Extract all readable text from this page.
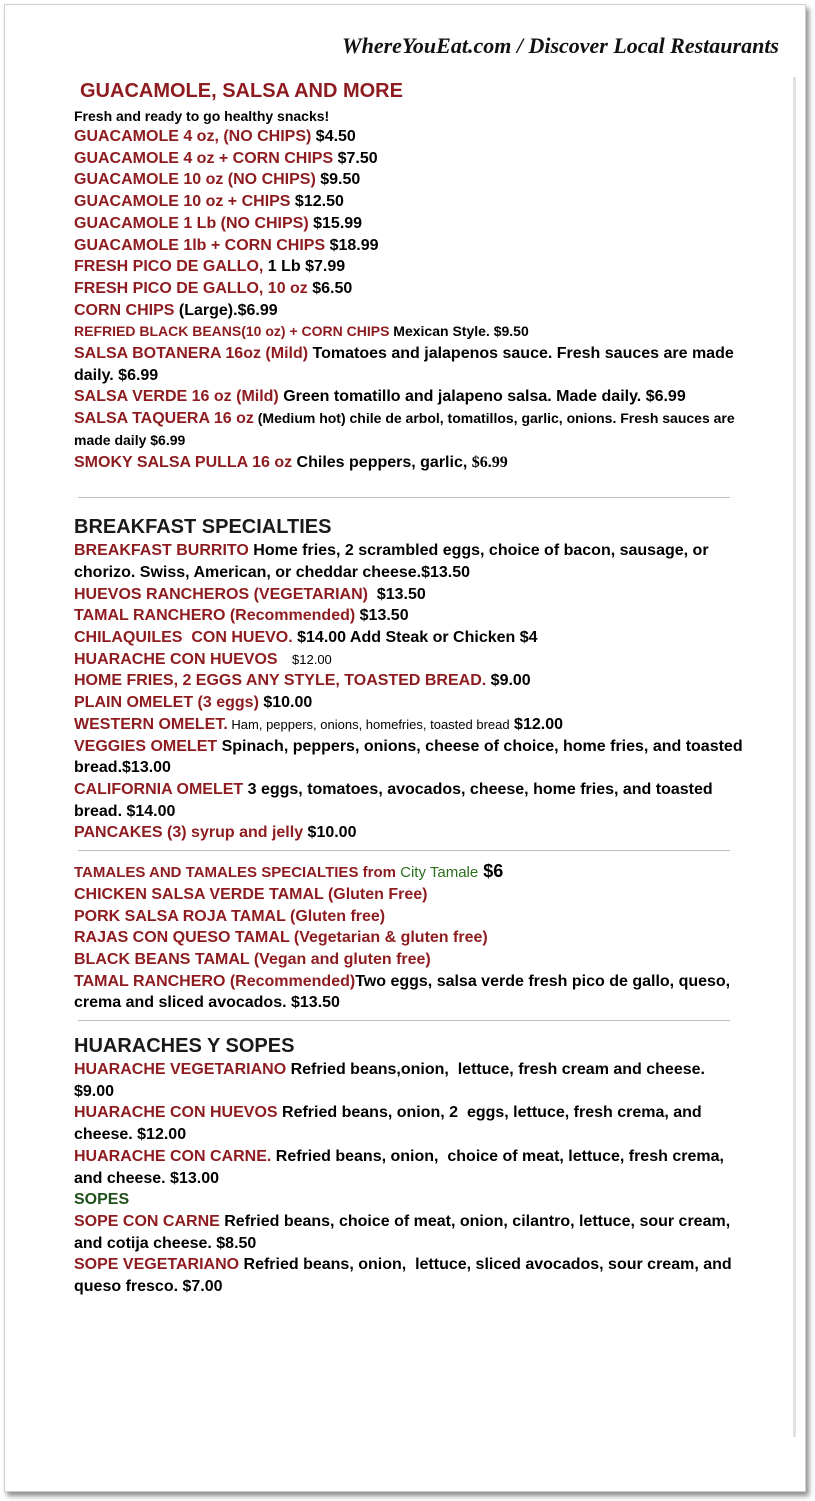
WhereYouEat.com / Discover Local Restaurants
GUACAMOLE, SALSA AND MORE

Fresh and ready to go healthy snacks!

GUACAMOLE 4 oz, (NO CHIPS) $4.50

GUACAMOLE 4 oz + CORN CHIPS $7.50

GUACAMOLE 10 oz (NO CHIPS) $9.50

GUACAMOLE 10 oz + CHIPS $12.50

GUACAMOLE 1 Lb (NO CHIPS) $15.99

GUACAMOLE 1lb + CORN CHIPS $18.99

FRESH PICO DE GALLO, 1 Lb $7.99

FRESH PICO DE GALLO, 10 oz $6.50

CORN CHIPS (Large).$6.99

REFRIED BLACK BEANS(10 oz) + CORN CHIPS Mexican Style. $9.50

SALSA BOTANERA 16oz (Mild) Tomatoes and jalapenos sauce. Fresh sauces are made daily. $6.99

SALSA VERDE 16 oz (Mild) Green tomatillo and jalapeno salsa. Made daily. $6.99

SALSA TAQUERA 16 oz (Medium hot) chile de arbol, tomatillos, garlic, onions. Fresh sauces are made daily $6.99

SMOKY SALSA PULLA 16 oz Chiles peppers, garlic, $6.99

BREAKFAST SPECIALTIES

BREAKFAST BURRITO Home fries, 2 scrambled eggs, choice of bacon, sausage, or chorizo. Swiss, American, or cheddar cheese.$13.50

HUEVOS RANCHEROS (VEGETARIAN)  $13.50

TAMAL RANCHERO (Recommended) $13.50

CHILAQUILES  CON HUEVO. $14.00 Add Steak or Chicken $4

HUARACHE CON HUEVOS    $12.00

HOME FRIES, 2 EGGS ANY STYLE, TOASTED BREAD. $9.00

PLAIN OMELET (3 eggs) $10.00

WESTERN OMELET. Ham, peppers, onions, homefries, toasted bread $12.00

VEGGIES OMELET Spinach, peppers, onions, cheese of choice, home fries, and toasted bread.$13.00

CALIFORNIA OMELET 3 eggs, tomatoes, avocados, cheese, home fries, and toasted bread. $14.00

PANCAKES (3) syrup and jelly $10.00

TAMALES AND TAMALES SPECIALTIES from City Tamale $6

CHICKEN SALSA VERDE TAMAL (Gluten Free)

PORK SALSA ROJA TAMAL (Gluten free)

RAJAS CON QUESO TAMAL (Vegetarian & gluten free)

BLACK BEANS TAMAL (Vegan and gluten free)

TAMAL RANCHERO (Recommended)Two eggs, salsa verde fresh pico de gallo, queso, crema and sliced avocados. $13.50

HUARACHES Y SOPES

HUARACHE VEGETARIANO Refried beans,onion,  lettuce, fresh cream and cheese. $9.00

HUARACHE CON HUEVOS Refried beans, onion, 2  eggs, lettuce, fresh crema, and cheese. $12.00

HUARACHE CON CARNE. Refried beans, onion,  choice of meat, lettuce, fresh crema, and cheese. $13.00

SOPES

SOPE CON CARNE Refried beans, choice of meat, onion, cilantro, lettuce, sour cream, and cotija cheese. $8.50

SOPE VEGETARIANO Refried beans, onion,  lettuce, sliced avocados, sour cream, and queso fresco. $7.00
